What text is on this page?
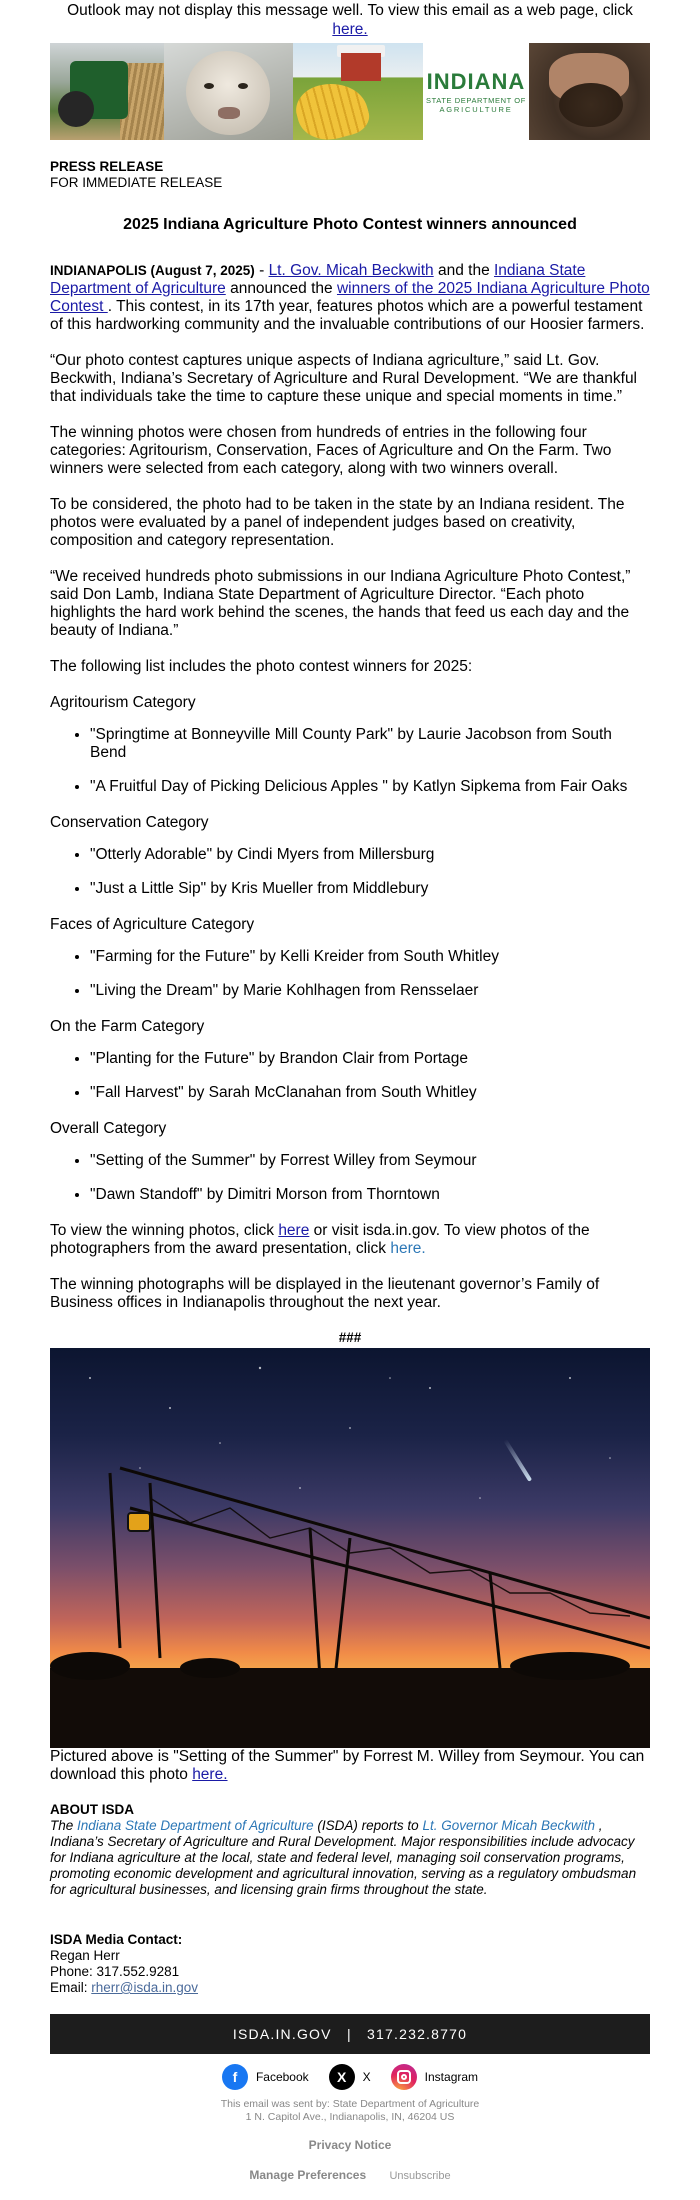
Outlook may not display this message well. To view this email as a web page, click here.
INDIANA
STATE DEPARTMENT OF
AGRICULTURE
PRESS RELEASE
FOR IMMEDIATE RELEASE
2025 Indiana Agriculture Photo Contest winners announced

INDIANAPOLIS (August 7, 2025) - Lt. Gov. Micah Beckwith and the Indiana State Department of Agriculture announced the winners of the 2025 Indiana Agriculture Photo Contest . This contest, in its 17th year, features photos which are a powerful testament of this hardworking community and the invaluable contributions of our Hoosier farmers.

“Our photo contest captures unique aspects of Indiana agriculture,” said Lt. Gov. Beckwith, Indiana’s Secretary of Agriculture and Rural Development. “We are thankful that individuals take the time to capture these unique and special moments in time.”

The winning photos were chosen from hundreds of entries in the following four categories: Agritourism, Conservation, Faces of Agriculture and On the Farm. Two winners were selected from each category, along with two winners overall.

To be considered, the photo had to be taken in the state by an Indiana resident. The photos were evaluated by a panel of independent judges based on creativity, composition and category representation.

“We received hundreds photo submissions in our Indiana Agriculture Photo Contest,” said Don Lamb, Indiana State Department of Agriculture Director. “Each photo highlights the hard work behind the scenes, the hands that feed us each day and the beauty of Indiana.”

The following list includes the photo contest winners for 2025:

Agritourism Category
• "Springtime at Bonneyville Mill County Park" by Laurie Jacobson from South Bend
• "A Fruitful Day of Picking Delicious Apples " by Katlyn Sipkema from Fair Oaks
Conservation Category
• "Otterly Adorable" by Cindi Myers from Millersburg
• "Just a Little Sip" by Kris Mueller from Middlebury
Faces of Agriculture Category
• "Farming for the Future" by Kelli Kreider from South Whitley
• "Living the Dream" by Marie Kohlhagen from Rensselaer
On the Farm Category
• "Planting for the Future" by Brandon Clair from Portage
• "Fall Harvest" by Sarah McClanahan from South Whitley
Overall Category
• "Setting of the Summer" by Forrest Willey from Seymour
• "Dawn Standoff" by Dimitri Morson from Thorntown

To view the winning photos, click here or visit isda.in.gov. To view photos of the photographers from the award presentation, click here.

The winning photographs will be displayed in the lieutenant governor’s Family of Business offices in Indianapolis throughout the next year.

###

Pictured above is "Setting of the Summer" by Forrest M. Willey from Seymour. You can download this photo here.

ABOUT ISDA

The Indiana State Department of Agriculture (ISDA) reports to Lt. Governor Micah Beckwith , Indiana’s Secretary of Agriculture and Rural Development. Major responsibilities include advocacy for Indiana agriculture at the local, state and federal level, managing soil conservation programs, promoting economic development and agricultural innovation, serving as a regulatory ombudsman for agricultural businesses, and licensing grain firms throughout the state.

ISDA Media Contact:
Regan Herr
Phone: 317.552.9281
Email: rherr@isda.in.gov
ISDA.IN.GOV   |   317.232.8770
f	Facebook	X	X	Instagram
This email was sent by: State Department of Agriculture
1 N. Capitol Ave., Indianapolis, IN, 46204 US
Privacy Notice
Manage Preferences Unsubscribe
